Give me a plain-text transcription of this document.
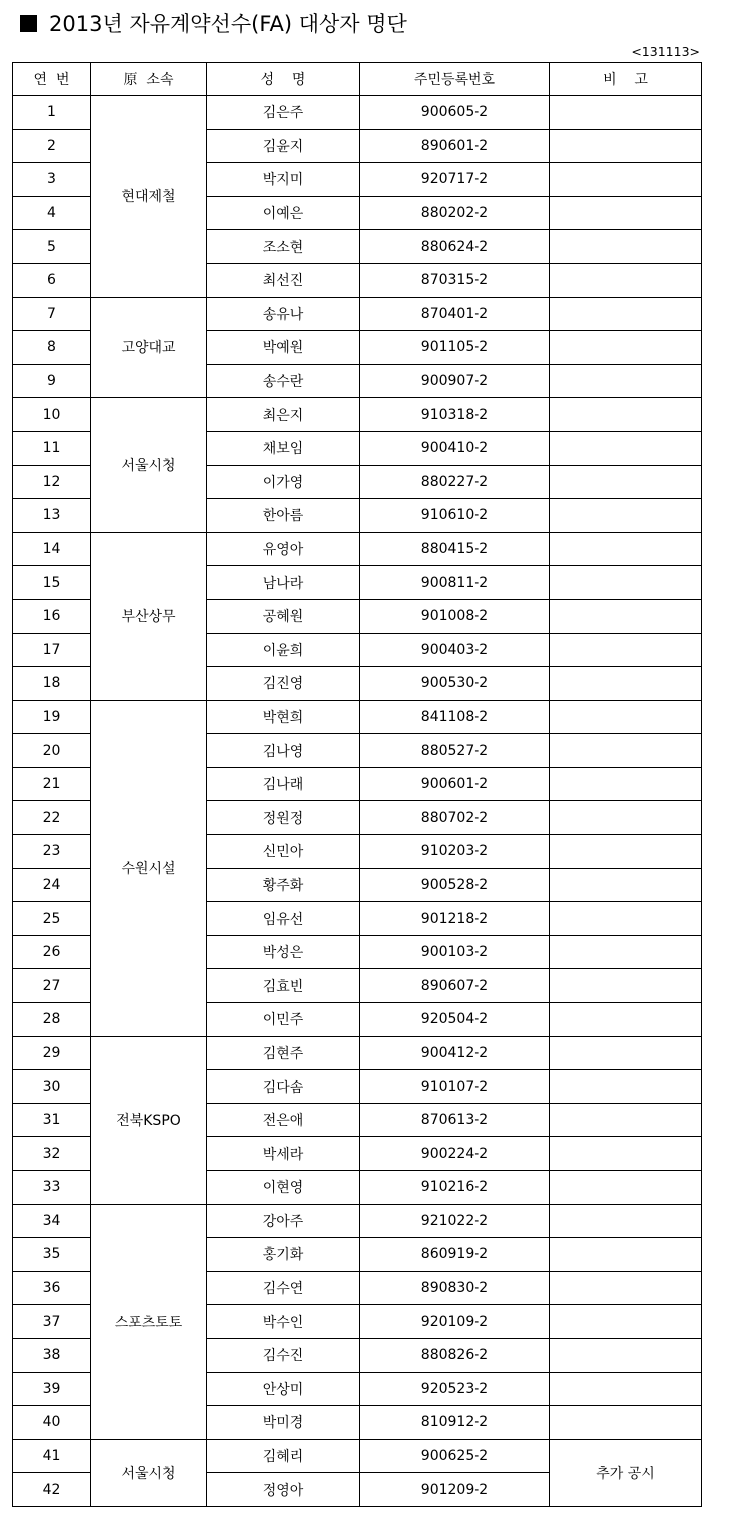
2013년 자유계약선수(FA) 대상자 명단
<131113>
연  번	原  소속	성    명	주민등록번호	비    고
1	현대제철	김은주	900605-2	
2		김윤지	890601-2	
3		박지미	920717-2	
4		이예은	880202-2	
5		조소현	880624-2	
6		최선진	870315-2	
7	고양대교	송유나	870401-2	
8		박예원	901105-2	
9		송수란	900907-2	
10	서울시청	최은지	910318-2	
11		채보임	900410-2	
12		이가영	880227-2	
13		한아름	910610-2	
14	부산상무	유영아	880415-2	
15		남나라	900811-2	
16		공혜원	901008-2	
17		이윤희	900403-2	
18		김진영	900530-2	
19	수원시설	박현희	841108-2	
20		김나영	880527-2	
21		김나래	900601-2	
22		정원정	880702-2	
23		신민아	910203-2	
24		황주화	900528-2	
25		임유선	901218-2	
26		박성은	900103-2	
27		김효빈	890607-2	
28		이민주	920504-2	
29	전북KSPO	김현주	900412-2	
30		김다솜	910107-2	
31		전은애	870613-2	
32		박세라	900224-2	
33		이현영	910216-2	
34	스포츠토토	강아주	921022-2	
35		홍기화	860919-2	
36		김수연	890830-2	
37		박수인	920109-2	
38		김수진	880826-2	
39		안상미	920523-2	
40		박미경	810912-2	
41	서울시청	김혜리	900625-2	추가 공시
42		정영아	901209-2	
